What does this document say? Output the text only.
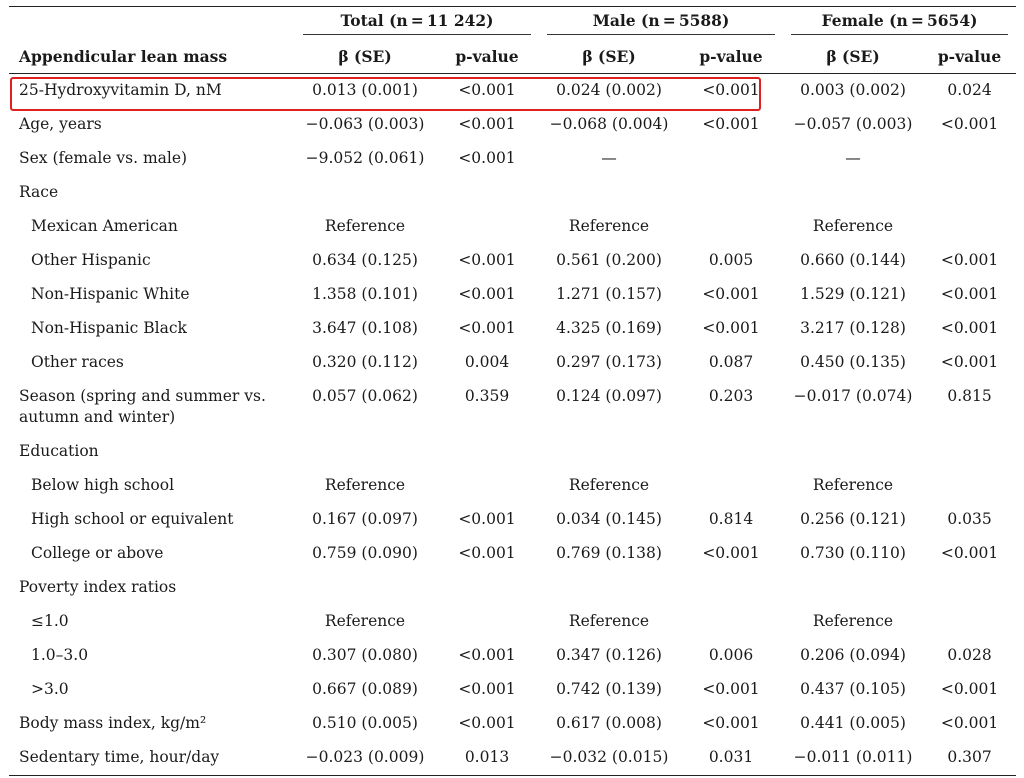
	Total (n = 11 242)		Male (n = 5588)		Female (n = 5654)	

Appendicular lean mass	β (SE)	p-value	β (SE)	p-value	β (SE)	p-value
25-Hydroxyvitamin D, nM	0.013 (0.001)	<0.001	0.024 (0.002)	<0.001	0.003 (0.002)	0.024
Age, years	−0.063 (0.003)	<0.001	−0.068 (0.004)	<0.001	−0.057 (0.003)	<0.001
Sex (female vs. male)	−9.052 (0.061)	<0.001	—		—	
Race						
Mexican American	Reference		Reference		Reference	
Other Hispanic	0.634 (0.125)	<0.001	0.561 (0.200)	0.005	0.660 (0.144)	<0.001
Non-Hispanic White	1.358 (0.101)	<0.001	1.271 (0.157)	<0.001	1.529 (0.121)	<0.001
Non-Hispanic Black	3.647 (0.108)	<0.001	4.325 (0.169)	<0.001	3.217 (0.128)	<0.001
Other races	0.320 (0.112)	0.004	0.297 (0.173)	0.087	0.450 (0.135)	<0.001
Season (spring and summer vs. autumn and winter)	0.057 (0.062)	0.359	0.124 (0.097)	0.203	−0.017 (0.074)	0.815
Education						
Below high school	Reference		Reference		Reference	
High school or equivalent	0.167 (0.097)	<0.001	0.034 (0.145)	0.814	0.256 (0.121)	0.035
College or above	0.759 (0.090)	<0.001	0.769 (0.138)	<0.001	0.730 (0.110)	<0.001
Poverty index ratios						
≤1.0	Reference		Reference		Reference	
1.0–3.0	0.307 (0.080)	<0.001	0.347 (0.126)	0.006	0.206 (0.094)	0.028
>3.0	0.667 (0.089)	<0.001	0.742 (0.139)	<0.001	0.437 (0.105)	<0.001
Body mass index, kg/m²	0.510 (0.005)	<0.001	0.617 (0.008)	<0.001	0.441 (0.005)	<0.001
Sedentary time, hour/day	−0.023 (0.009)	0.013	−0.032 (0.015)	0.031	−0.011 (0.011)	0.307
